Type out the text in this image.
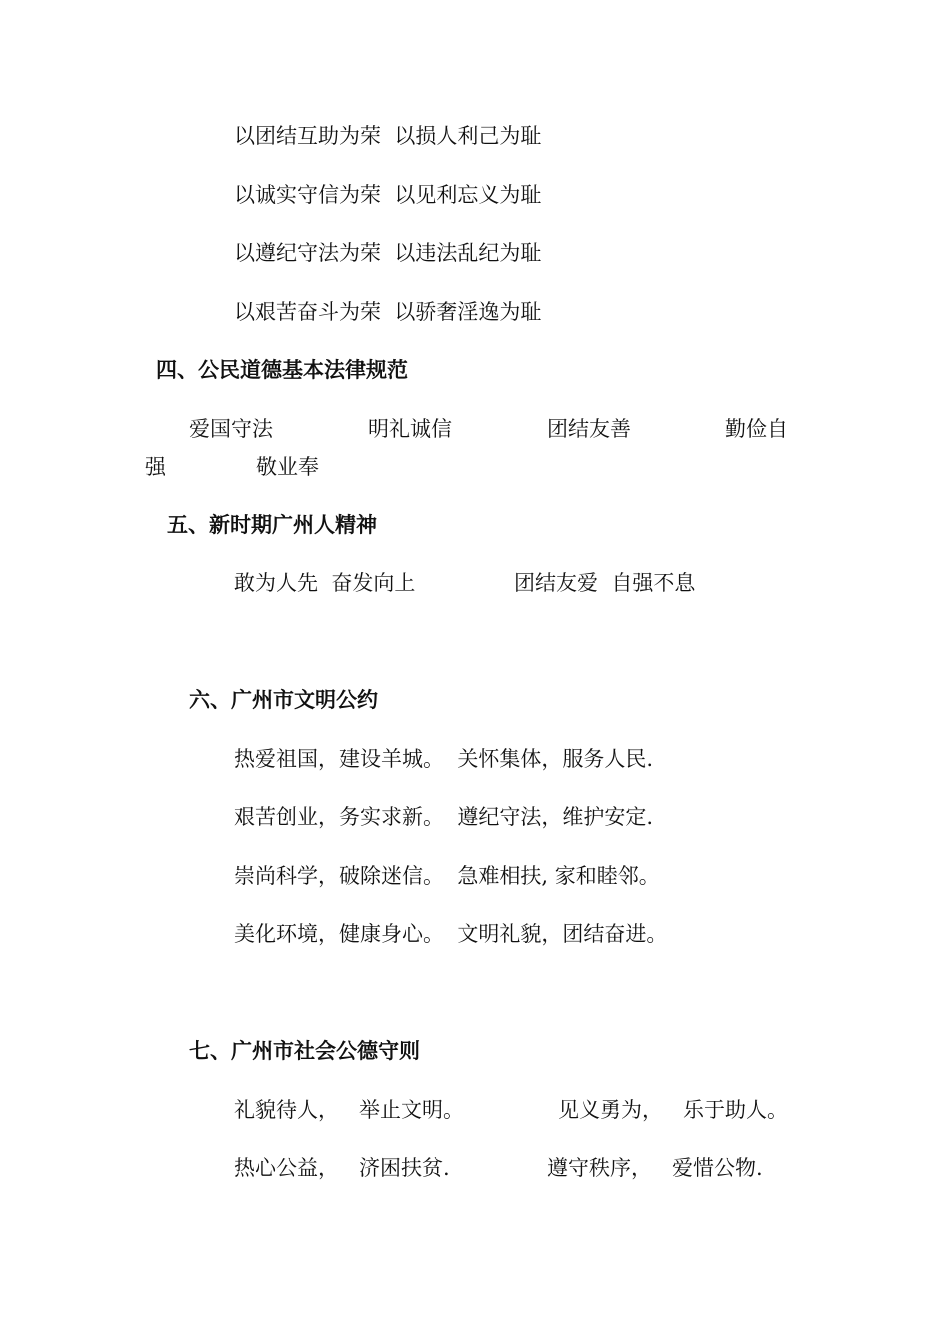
以团结互助为荣  以损人利己为耻
以诚实守信为荣  以见利忘义为耻
以遵纪守法为荣  以违法乱纪为耻
以艰苦奋斗为荣  以骄奢淫逸为耻
四、公民道德基本法律规范
爱国守法	明礼诚信	团结友善	勤俭自
强	敬业奉
五、新时期广州人精神
敢为人先  奋发向上	团结友爱  自强不息
六、广州市文明公约
热爱祖国，建设羊城。  关怀集体，服务人民.
艰苦创业，务实求新。  遵纪守法，维护安定.
崇尚科学，破除迷信。  急难相扶, 家和睦邻。
美化环境，健康身心。  文明礼貌，团结奋进。
七、广州市社会公德守则
礼貌待人，   举止文明。	见义勇为，   乐于助人。
热心公益，   济困扶贫.	遵守秩序，   爱惜公物.
